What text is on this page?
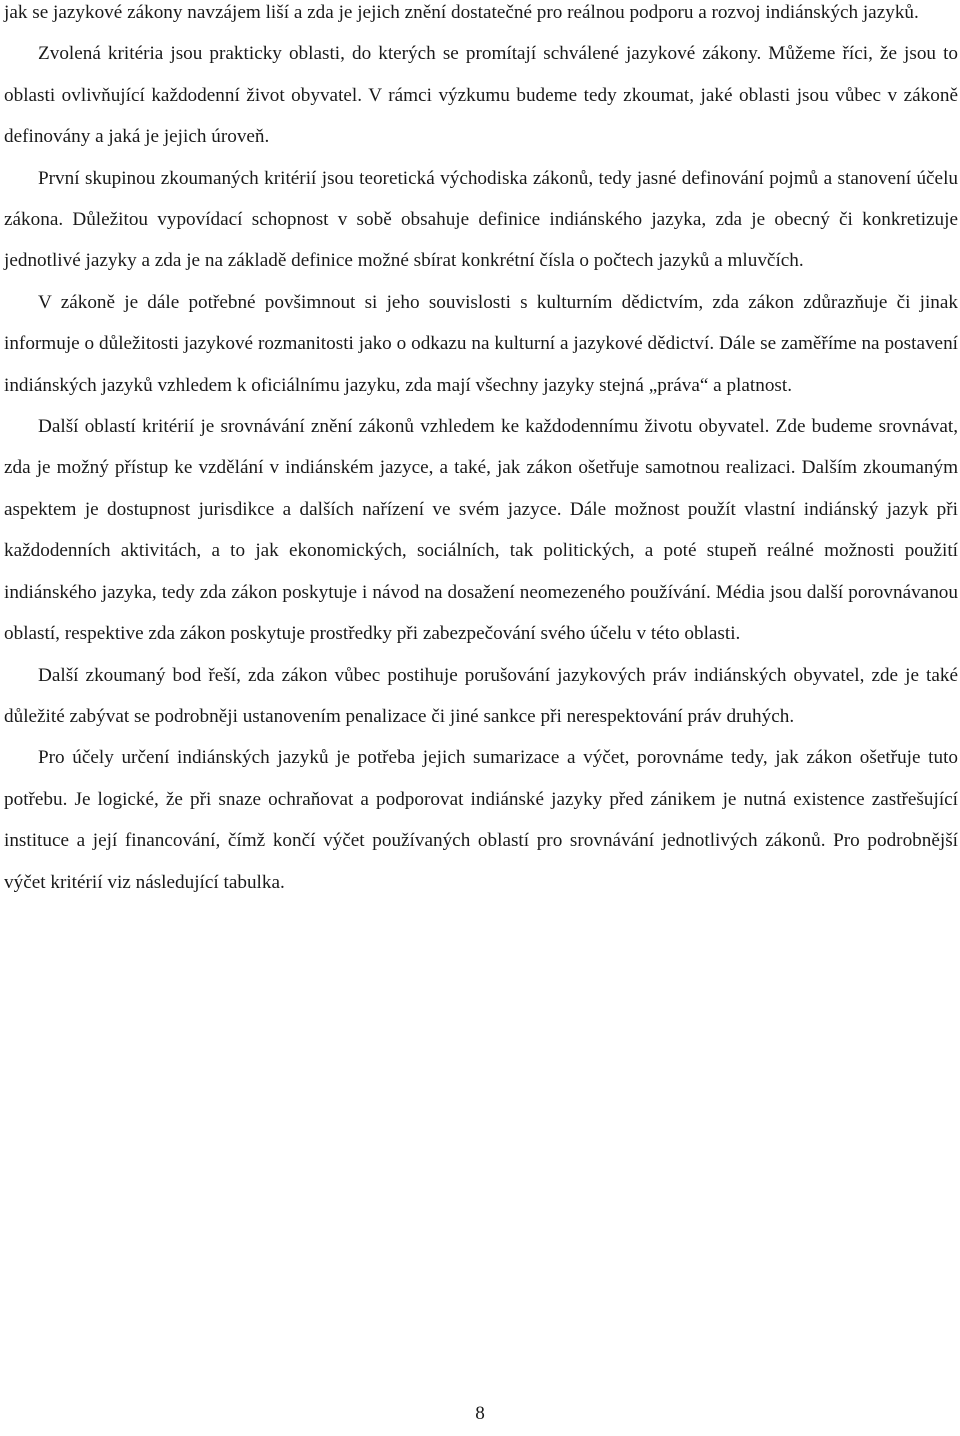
jak se jazykové zákony navzájem liší a zda je jejich znění dostatečné pro reálnou podporu a rozvoj indiánských jazyků.

Zvolená kritéria jsou prakticky oblasti, do kterých se promítají schválené jazykové zákony. Můžeme říci, že jsou to oblasti ovlivňující každodenní život obyvatel. V rámci výzkumu budeme tedy zkoumat, jaké oblasti jsou vůbec v zákoně definovány a jaká je jejich úroveň.

První skupinou zkoumaných kritérií jsou teoretická východiska zákonů, tedy jasné definování pojmů a stanovení účelu zákona. Důležitou vypovídací schopnost v sobě obsahuje definice indiánského jazyka, zda je obecný či konkretizuje jednotlivé jazyky a zda je na základě definice možné sbírat konkrétní čísla o počtech jazyků a mluvčích.

V zákoně je dále potřebné povšimnout si jeho souvislosti s kulturním dědictvím, zda zákon zdůrazňuje či jinak informuje o důležitosti jazykové rozmanitosti jako o odkazu na kulturní a jazykové dědictví. Dále se zaměříme na postavení indiánských jazyků vzhledem k oficiálnímu jazyku, zda mají všechny jazyky stejná „práva“ a platnost.

Další oblastí kritérií je srovnávání znění zákonů vzhledem ke každodennímu životu obyvatel. Zde budeme srovnávat, zda je možný přístup ke vzdělání v indiánském jazyce, a také, jak zákon ošetřuje samotnou realizaci. Dalším zkoumaným aspektem je dostupnost jurisdikce a dalších nařízení ve svém jazyce. Dále možnost použít vlastní indiánský jazyk při každodenních aktivitách, a to jak ekonomických, sociálních, tak politických, a poté stupeň reálné možnosti použití indiánského jazyka, tedy zda zákon poskytuje i návod na dosažení neomezeného používání. Média jsou další porovnávanou oblastí, respektive zda zákon poskytuje prostředky při zabezpečování svého účelu v této oblasti.

Další zkoumaný bod řeší, zda zákon vůbec postihuje porušování jazykových práv indiánských obyvatel, zde je také důležité zabývat se podrobněji ustanovením penalizace či jiné sankce při nerespektování práv druhých.

Pro účely určení indiánských jazyků je potřeba jejich sumarizace a výčet, porovnáme tedy, jak zákon ošetřuje tuto potřebu. Je logické, že při snaze ochraňovat a podporovat indiánské jazyky před zánikem je nutná existence zastřešující instituce a její financování, čímž končí výčet používaných oblastí pro srovnávání jednotlivých zákonů. Pro podrobnější výčet kritérií viz následující tabulka.

8
